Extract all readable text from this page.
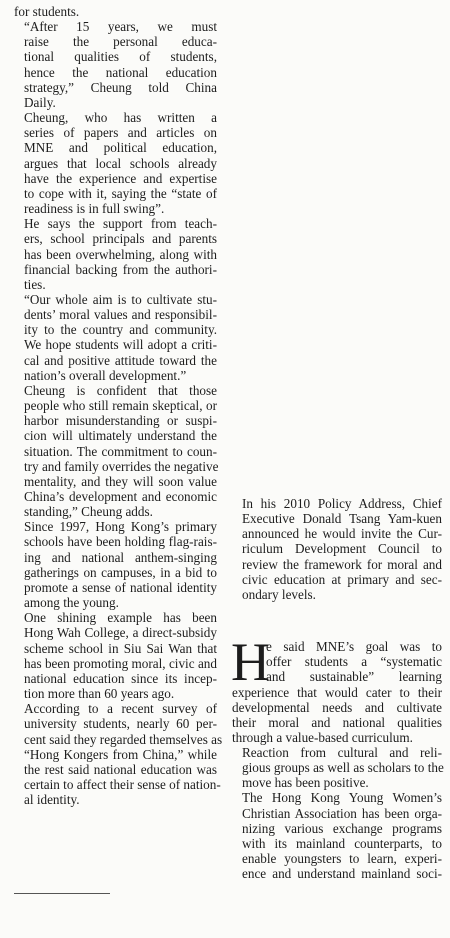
for students.

“After 15 years, we must
raise the personal educa-
tional qualities of students,
hence the national education
strategy,” Cheung told China
Daily.

Cheung, who has written a
series of papers and articles on
MNE and political education,
argues that local schools already
have the experience and expertise
to cope with it, saying the “state of
readiness is in full swing”.

He says the support from teach-
ers, school principals and parents
has been overwhelming, along with
financial backing from the authori-
ties.

“Our whole aim is to cultivate stu-
dents’ moral values and responsibil-
ity to the country and community.
We hope students will adopt a criti-
cal and positive attitude toward the
nation’s overall development.”

Cheung is confident that those
people who still remain skeptical, or
harbor misunderstanding or suspi-
cion will ultimately understand the
situation. The commitment to coun-
try and family overrides the negative
mentality, and they will soon value
China’s development and economic
standing,” Cheung adds.

Since 1997, Hong Kong’s primary
schools have been holding flag-rais-
ing and national anthem-singing
gatherings on campuses, in a bid to
promote a sense of national identity
among the young.

One shining example has been
Hong Wah College, a direct-subsidy
scheme school in Siu Sai Wan that
has been promoting moral, civic and
national education since its incep-
tion more than 60 years ago.

According to a recent survey of
university students, nearly 60 per-
cent said they regarded themselves as
“Hong Kongers from China,” while
the rest said national education was
certain to affect their sense of nation-
al identity.

In his 2010 Policy Address, Chief
Executive Donald Tsang Yam-kuen
announced he would invite the Cur-
riculum Development Council to
review the framework for moral and
civic education at primary and sec-
ondary levels.

H
e said MNE’s goal was to
offer students a “systematic
and sustainable” learning
experience that would cater to their
developmental needs and cultivate
their moral and national qualities
through a value-based curriculum.

Reaction from cultural and reli-
gious groups as well as scholars to the
move has been positive.

The Hong Kong Young Women’s
Christian Association has been orga-
nizing various exchange programs
with its mainland counterparts, to
enable youngsters to learn, experi-
ence and understand mainland soci-
